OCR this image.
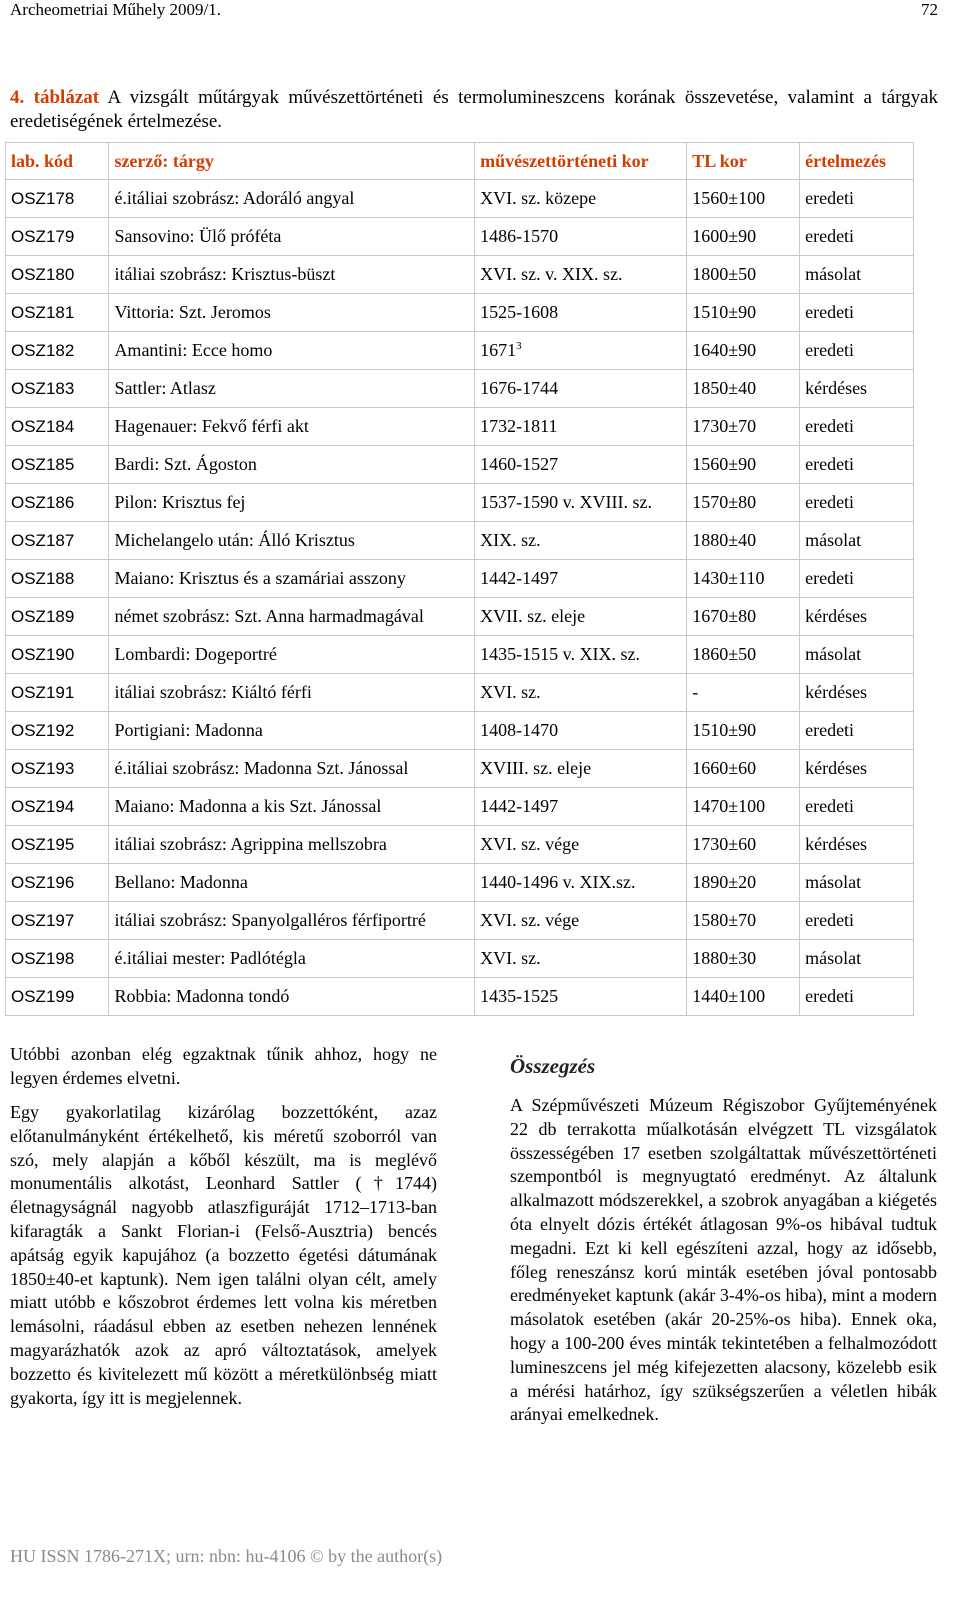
Archeometriai Műhely 2009/1.	72
4. táblázat A vizsgált műtárgyak művészettörténeti és termolumineszcens korának összevetése, valamint a tárgyak eredetiségének értelmezése.
lab. kód	szerző: tárgy	művészettörténeti kor	TL kor	értelmezés
OSZ178	é.itáliai szobrász: Adoráló angyal	XVI. sz. közepe	1560±100	eredeti
OSZ179	Sansovino: Ülő próféta	1486-1570	1600±90	eredeti
OSZ180	itáliai szobrász: Krisztus-büszt	XVI. sz. v. XIX. sz.	1800±50	másolat
OSZ181	Vittoria: Szt. Jeromos	1525-1608	1510±90	eredeti
OSZ182	Amantini: Ecce homo	1671$^3$	1640±90	eredeti
OSZ183	Sattler: Atlasz	1676-1744	1850±40	kérdéses
OSZ184	Hagenauer: Fekvő férfi akt	1732-1811	1730±70	eredeti
OSZ185	Bardi: Szt. Ágoston	1460-1527	1560±90	eredeti
OSZ186	Pilon: Krisztus fej	1537-1590 v. XVIII. sz.	1570±80	eredeti
OSZ187	Michelangelo után: Álló Krisztus	XIX. sz.	1880±40	másolat
OSZ188	Maiano: Krisztus és a szamáriai asszony	1442-1497	1430±110	eredeti
OSZ189	német szobrász: Szt. Anna harmadmagával	XVII. sz. eleje	1670±80	kérdéses
OSZ190	Lombardi: Dogeportré	1435-1515 v. XIX. sz.	1860±50	másolat
OSZ191	itáliai szobrász: Kiáltó férfi	XVI. sz.	-	kérdéses
OSZ192	Portigiani: Madonna	1408-1470	1510±90	eredeti
OSZ193	é.itáliai szobrász: Madonna Szt. Jánossal	XVIII. sz. eleje	1660±60	kérdéses
OSZ194	Maiano: Madonna a kis Szt. Jánossal	1442-1497	1470±100	eredeti
OSZ195	itáliai szobrász: Agrippina mellszobra	XVI. sz. vége	1730±60	kérdéses
OSZ196	Bellano: Madonna	1440-1496 v. XIX.sz.	1890±20	másolat
OSZ197	itáliai szobrász: Spanyolgalléros férfiportré	XVI. sz. vége	1580±70	eredeti
OSZ198	é.itáliai mester: Padlótégla	XVI. sz.	1880±30	másolat
OSZ199	Robbia: Madonna tondó	1435-1525	1440±100	eredeti
Utóbbi azonban elég egzaktnak tűnik ahhoz, hogy ne legyen érdemes elvetni.
Egy gyakorlatilag kizárólag bozzettóként, azaz előtanulmányként értékelhető, kis méretű szoborról van szó, mely alapján a kőből készült, ma is meglévő monumentális alkotást, Leonhard Sattler (†1744) életnagyságnál nagyobb atlaszfiguráját 1712–1713-ban kifaragták a Sankt Florian-i (Felső-Ausztria) bencés apátság egyik kapujához (a bozzetto égetési dátumának 1850±40-et kaptunk). Nem igen találni olyan célt, amely miatt utóbb e kőszobrot érdemes lett volna kis méretben lemásolni, ráadásul ebben az esetben nehezen lennének magyarázhatók azok az apró változtatások, amelyek bozzetto és kivitelezett mű között a méretkülönbség miatt gyakorta, így itt is megjelennek.
Összegzés
A Szépművészeti Múzeum Régiszobor Gyűjteményének 22 db terrakotta műalkotásán elvégzett TL vizsgálatok összességében 17 esetben szolgáltattak művészettörténeti szempontból is megnyugtató eredményt. Az általunk alkalmazott módszerekkel, a szobrok anyagában a kiégetés óta elnyelt dózis értékét átlagosan 9%-os hibával tudtuk megadni. Ezt ki kell egészíteni azzal, hogy az idősebb, főleg reneszánsz korú minták esetében jóval pontosabb eredményeket kaptunk (akár 3-4%-os hiba), mint a modern másolatok esetében (akár 20-25%-os hiba). Ennek oka, hogy a 100-200 éves minták tekintetében a felhalmozódott lumineszcens jel még kifejezetten alacsony, közelebb esik a mérési határhoz, így szükségszerűen a véletlen hibák arányai emelkednek.
HU ISSN 1786-271X; urn: nbn: hu-4106 © by the author(s)
